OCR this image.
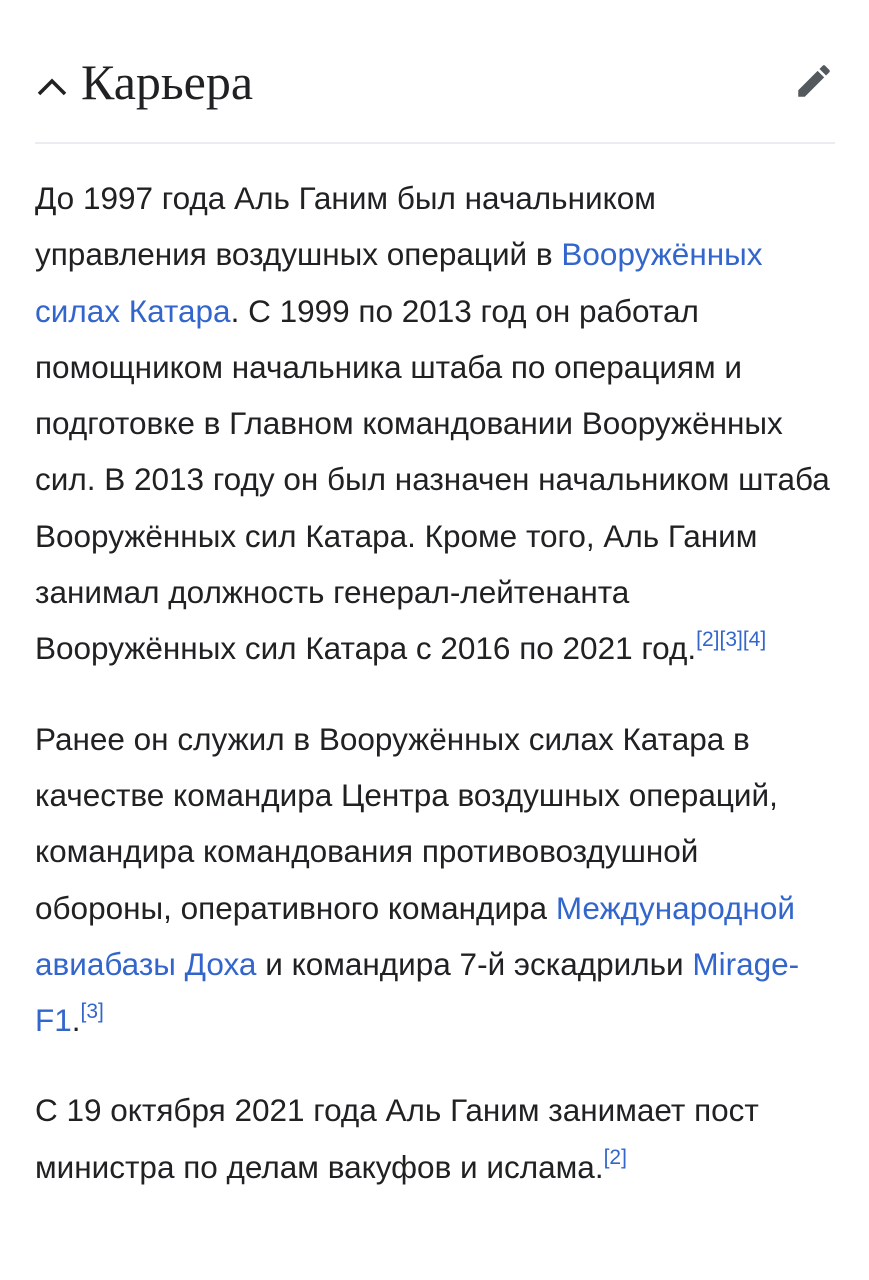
Карьера

До 1997 года Аль Ганим был начальником управления воздушных операций в Вооружённых силах Катара. С 1999 по 2013 год он работал помощником начальника штаба по операциям и подготовке в Главном командовании Вооружённых сил. В 2013 году он был назначен начальником штаба Вооружённых сил Катара. Кроме того, Аль Ганим занимал должность генерал-лейтенанта Вооружённых сил Катара с 2016 по 2021 год.[2][3][4]

Ранее он служил в Вооружённых силах Катара в качестве командира Центра воздушных операций, командира командования противовоздушной обороны, оперативного командира Международной авиабазы Доха и командира 7-й эскадрильи Mirage-F1.[3]

С 19 октября 2021 года Аль Ганим занимает пост министра по делам вакуфов и ислама.[2]
